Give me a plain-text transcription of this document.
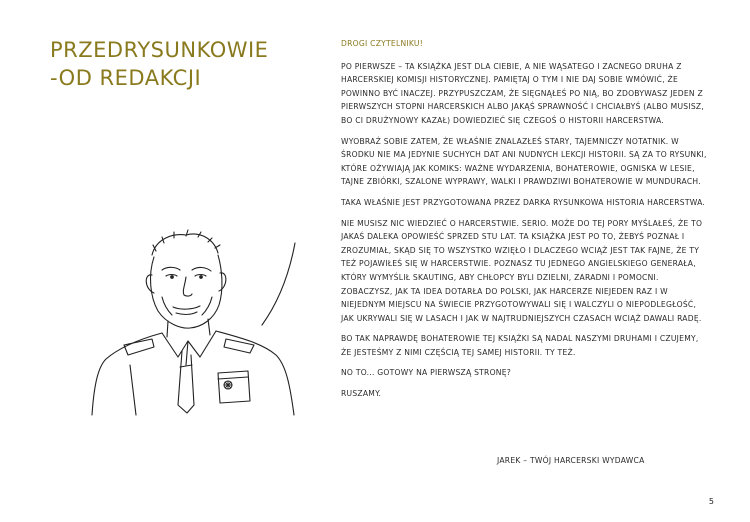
PRZEDRYSUNKOWIE
-OD REDAKCJI

DROGI CZYTELNIKU!

PO PIERWSZE – TA KSIĄŻKA JEST DLA CIEBIE, A NIE WĄSATEGO I ZACNEGO DRUHA Z HARCERSKIEJ KOMISJI HISTORYCZNEJ. PAMIĘTAJ O TYM I NIE DAJ SOBIE WMÓWIĆ, ŻE POWINNO BYĆ INACZEJ. PRZYPUSZCZAM, ŻE SIĘGNĄŁEŚ PO NIĄ, BO ZDOBYWASZ JEDEN Z PIERWSZYCH STOPNI HARCERSKICH ALBO JAKĄŚ SPRAWNOŚĆ I CHCIAŁBYŚ (ALBO MUSISZ, BO CI DRUŻYNOWY KAZAŁ) DOWIEDZIEĆ SIĘ CZEGOŚ O HISTORII HARCERSTWA.

WYOBRAŹ SOBIE ZATEM, ŻE WŁAŚNIE ZNALAZŁEŚ STARY, TAJEMNICZY NOTATNIK. W ŚRODKU NIE MA JEDYNIE SUCHYCH DAT ANI NUDNYCH LEKCJI HISTORII. SĄ ZA TO RYSUNKI, KTÓRE OŻYWIAJĄ JAK KOMIKS: WAŻNE WYDARZENIA, BOHATEROWIE, OGNISKA W LESIE, TAJNE ZBIÓRKI, SZALONE WYPRAWY, WALKI I PRAWDZIWI BOHATEROWIE W MUNDURACH.

TAKA WŁAŚNIE JEST PRZYGOTOWANA PRZEZ DARKA RYSUNKOWA HISTORIA HARCERSTWA.

NIE MUSISZ NIC WIEDZIEĆ O HARCERSTWIE. SERIO. MOŻE DO TEJ PORY MYŚLAŁEŚ, ŻE TO JAKAŚ DALEKA OPOWIEŚĆ SPRZED STU LAT. TA KSIĄŻKA JEST PO TO, ŻEBYŚ POZNAŁ I ZROZUMIAŁ, SKĄD SIĘ TO WSZYSTKO WZIĘŁO I DLACZEGO WCIĄŻ JEST TAK FAJNE, ŻE TY TEŻ POJAWIŁEŚ SIĘ W HARCERSTWIE. POZNASZ TU JEDNEGO ANGIELSKIEGO GENERAŁA, KTÓRY WYMYŚLIŁ SKAUTING, ABY CHŁOPCY BYLI DZIELNI, ZARADNI I POMOCNI. ZOBACZYSZ, JAK TA IDEA DOTARŁA DO POLSKI, JAK HARCERZE NIEJEDEN RAZ I W NIEJEDNYM MIEJSCU NA ŚWIECIE PRZYGOTOWYWALI SIĘ I WALCZYLI O NIEPODLEGŁOŚĆ, JAK UKRYWALI SIĘ W LASACH I JAK W NAJTRUDNIEJSZYCH CZASACH WCIĄŻ DAWALI RADĘ.

BO TAK NAPRAWDĘ BOHATEROWIE TEJ KSIĄŻKI SĄ NADAL NASZYMI DRUHAMI I CZUJEMY, ŻE JESTEŚMY Z NIMI CZĘŚCIĄ TEJ SAMEJ HISTORII. TY TEŻ.

NO TO... GOTOWY NA PIERWSZĄ STRONĘ?

RUSZAMY.

JAREK – TWÓJ HARCERSKI WYDAWCA
5
